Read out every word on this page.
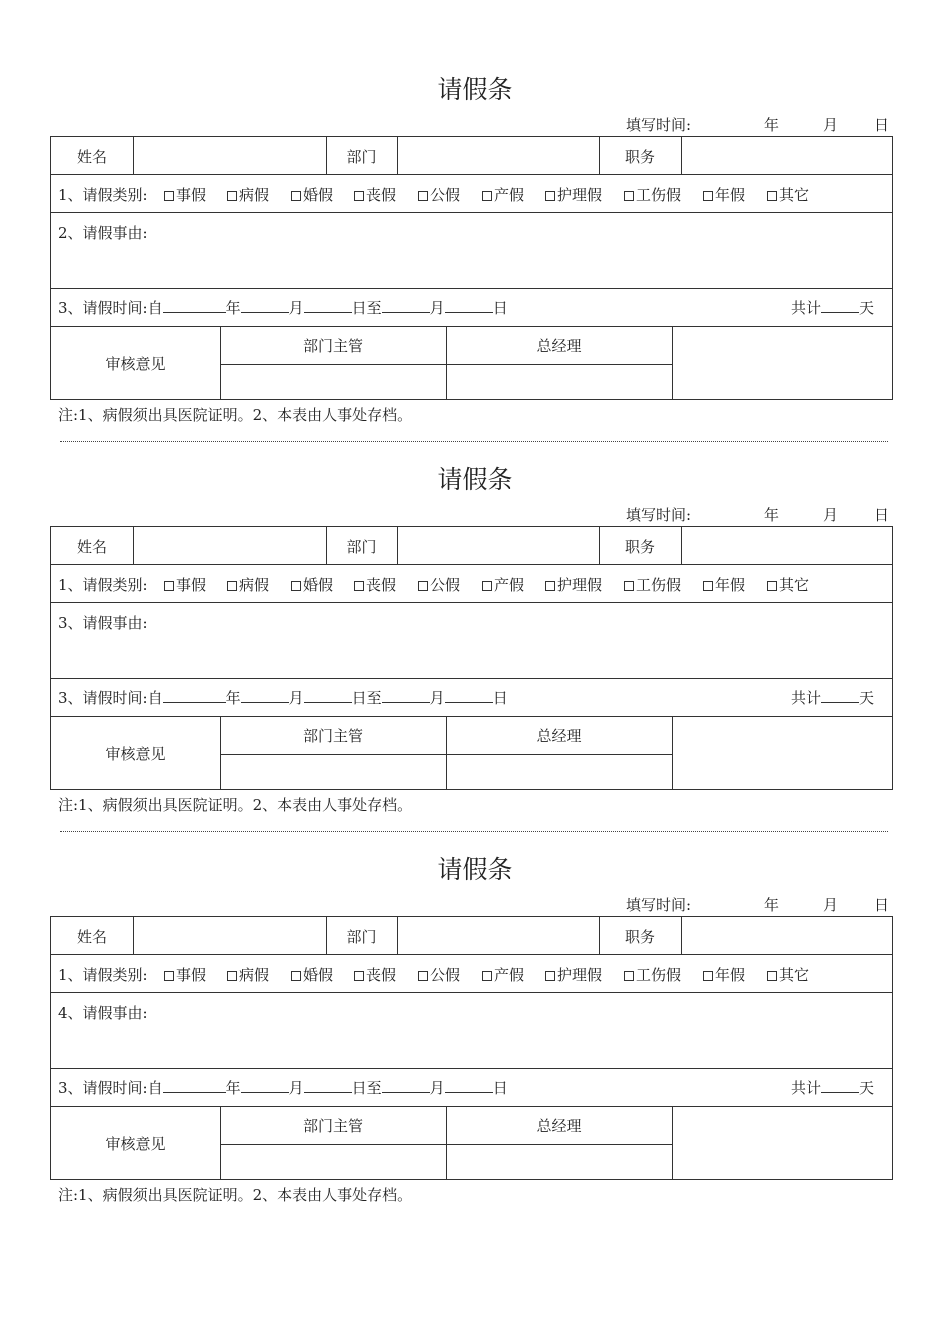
请假条
填写时间:	年	月 日
姓名	部门	职务
1、请假类别:	事假	病假	婚假	丧假	公假	产假	护理假	工伤假	年假	其它
2、请假事由:
3、请假时间:自	年	月	日至	月	日	共计	天
审核意见
部门主管	总经理
注:1、病假须出具医院证明。2、本表由人事处存档。
请假条
填写时间:	年	月 日
姓名	部门	职务
1、请假类别:	事假	病假	婚假	丧假	公假	产假	护理假	工伤假	年假	其它
3、请假事由:
3、请假时间:自	年	月	日至	月	日	共计	天
审核意见
部门主管	总经理
注:1、病假须出具医院证明。2、本表由人事处存档。
请假条
填写时间:	年	月 日
姓名	部门	职务
1、请假类别:	事假	病假	婚假	丧假	公假	产假	护理假	工伤假	年假	其它
4、请假事由:
3、请假时间:自	年	月	日至	月	日	共计	天
审核意见
部门主管	总经理
注:1、病假须出具医院证明。2、本表由人事处存档。
